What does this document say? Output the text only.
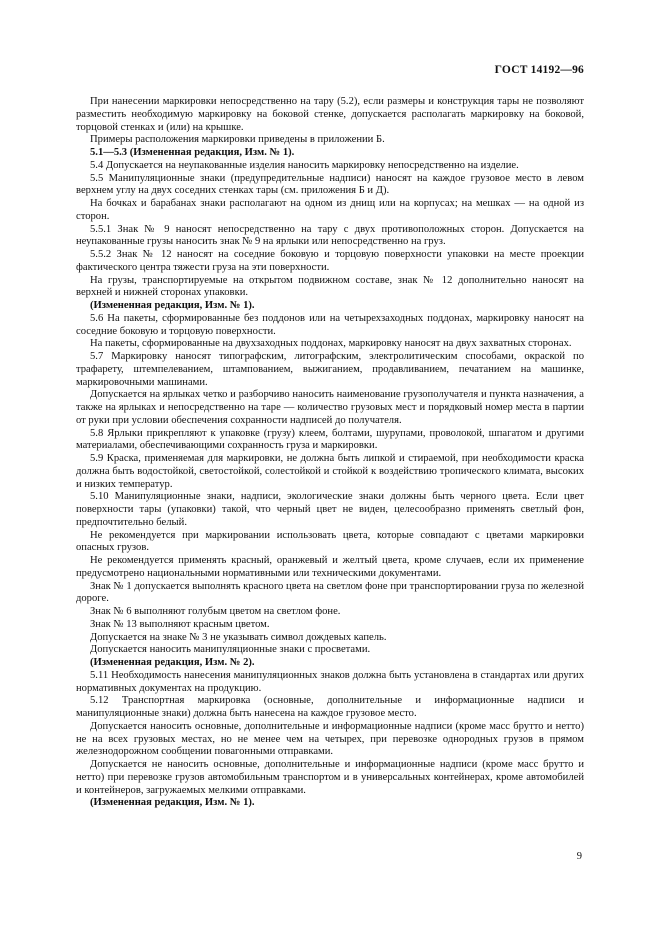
ГОСТ 14192—96

При нанесении маркировки непосредственно на тару (5.2), если размеры и конструкция тары не позволяют разместить необходимую маркировку на боковой стенке, допускается располагать маркировку на боковой, торцовой стенках и (или) на крышке.

Примеры расположения маркировки приведены в приложении Б.

5.1—5.3 (Измененная редакция, Изм. № 1).

5.4 Допускается на неупакованные изделия наносить маркировку непосредственно на изделие.

5.5 Манипуляционные знаки (предупредительные надписи) наносят на каждое грузовое место в левом верхнем углу на двух соседних стенках тары (см. приложения Б и Д).

На бочках и барабанах знаки располагают на одном из днищ или на корпусах; на мешках — на одной из сторон.

5.5.1 Знак № 9 наносят непосредственно на тару с двух противоположных сторон. Допускается на неупакованные грузы наносить знак № 9 на ярлыки или непосредственно на груз.

5.5.2 Знак № 12 наносят на соседние боковую и торцовую поверхности упаковки на месте проекции фактического центра тяжести груза на эти поверхности.

На грузы, транспортируемые на открытом подвижном составе, знак № 12 дополнительно наносят на верхней и нижней сторонах упаковки.

(Измененная редакция, Изм. № 1).

5.6 На пакеты, сформированные без поддонов или на четырехзаходных поддонах, маркировку наносят на соседние боковую и торцовую поверхности.

На пакеты, сформированные на двухзаходных поддонах, маркировку наносят на двух захватных сторонах.

5.7 Маркировку наносят типографским, литографским, электролитическим способами, окраской по трафарету, штемпелеванием, штампованием, выжиганием, продавливанием, печатанием на машинке, маркировочными машинами.

Допускается на ярлыках четко и разборчиво наносить наименование грузополучателя и пункта назначения, а также на ярлыках и непосредственно на таре — количество грузовых мест и порядковый номер места в партии от руки при условии обеспечения сохранности надписей до получателя.

5.8 Ярлыки прикрепляют к упаковке (грузу) клеем, болтами, шурупами, проволокой, шпагатом и другими материалами, обеспечивающими сохранность груза и маркировки.

5.9 Краска, применяемая для маркировки, не должна быть липкой и стираемой, при необходимости краска должна быть водостойкой, светостойкой, солестойкой и стойкой к воздействию тропического климата, высоких и низких температур.

5.10 Манипуляционные знаки, надписи, экологические знаки должны быть черного цвета. Если цвет поверхности тары (упаковки) такой, что черный цвет не виден, целесообразно применять светлый фон, предпочтительно белый.

Не рекомендуется при маркировании использовать цвета, которые совпадают с цветами маркировки опасных грузов.

Не рекомендуется применять красный, оранжевый и желтый цвета, кроме случаев, если их применение предусмотрено национальными нормативными или техническими документами.

Знак № 1 допускается выполнять красного цвета на светлом фоне при транспортировании груза по железной дороге.

Знак № 6 выполняют голубым цветом на светлом фоне.

Знак № 13 выполняют красным цветом.

Допускается на знаке № 3 не указывать символ дождевых капель.

Допускается наносить манипуляционные знаки с просветами.

(Измененная редакция, Изм. № 2).

5.11 Необходимость нанесения манипуляционных знаков должна быть установлена в стандартах или других нормативных документах на продукцию.

5.12 Транспортная маркировка (основные, дополнительные и информационные надписи и манипуляционные знаки) должна быть нанесена на каждое грузовое место.

Допускается наносить основные, дополнительные и информационные надписи (кроме масс брутто и нетто) не на всех грузовых местах, но не менее чем на четырех, при перевозке однородных грузов в прямом железнодорожном сообщении повагонными отправками.

Допускается не наносить основные, дополнительные и информационные надписи (кроме масс брутто и нетто) при перевозке грузов автомобильным транспортом и в универсальных контейнерах, кроме автомобилей и контейнеров, загружаемых мелкими отправками.

(Измененная редакция, Изм. № 1).

9
